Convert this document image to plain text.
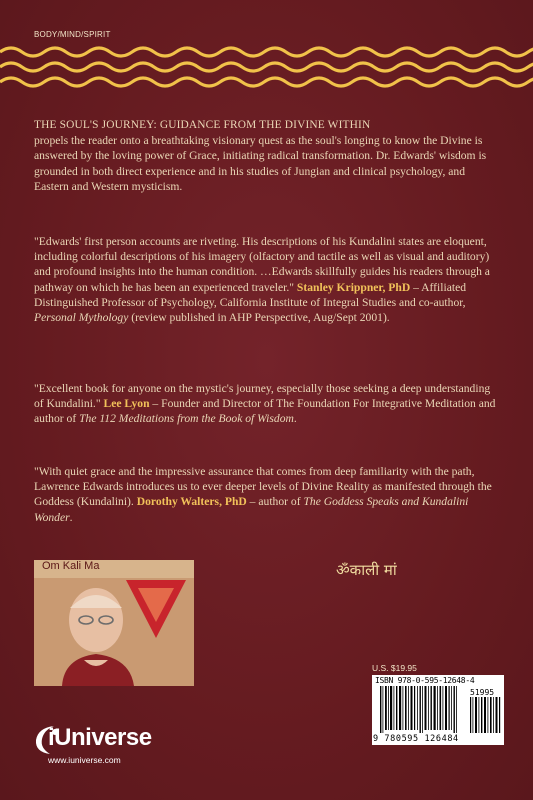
BODY/MIND/SPIRIT
THE SOUL'S JOURNEY: GUIDANCE FROM THE DIVINE WITHIN
propels the reader onto a breathtaking visionary quest as the soul's longing to know the Divine is answered by the loving power of Grace, initiating radical transformation. Dr. Edwards' wisdom is grounded in both direct experience and in his studies of Jungian and clinical psychology, and Eastern and Western mysticism.
"Edwards' first person accounts are riveting. His descriptions of his Kundalini states are eloquent, including colorful descriptions of his imagery (olfactory and tactile as well as visual and auditory) and profound insights into the human condition. …Edwards skillfully guides his readers through a pathway on which he has been an experienced traveler." Stanley Krippner, PhD – Affiliated Distinguished Professor of Psychology, California Institute of Integral Studies and co-author, Personal Mythology (review published in AHP Perspective, Aug/Sept 2001).
"Excellent book for anyone on the mystic's journey, especially those seeking a deep understanding of Kundalini." Lee Lyon – Founder and Director of The Foundation For Integrative Meditation and author of The 112 Meditations from the Book of Wisdom.
"With quiet grace and the impressive assurance that comes from deep familiarity with the path, Lawrence Edwards introduces us to ever deeper levels of Divine Reality as manifested through the Goddess (Kundalini). Dorothy Walters, PhD – author of The Goddess Speaks and Kundalini Wonder.
Om Kali Ma	ॐकाली मां
U.S. $19.95
ISBN 978-0-595-12648-4
51995
9 780595 126484
iUniverse
www.iuniverse.com
